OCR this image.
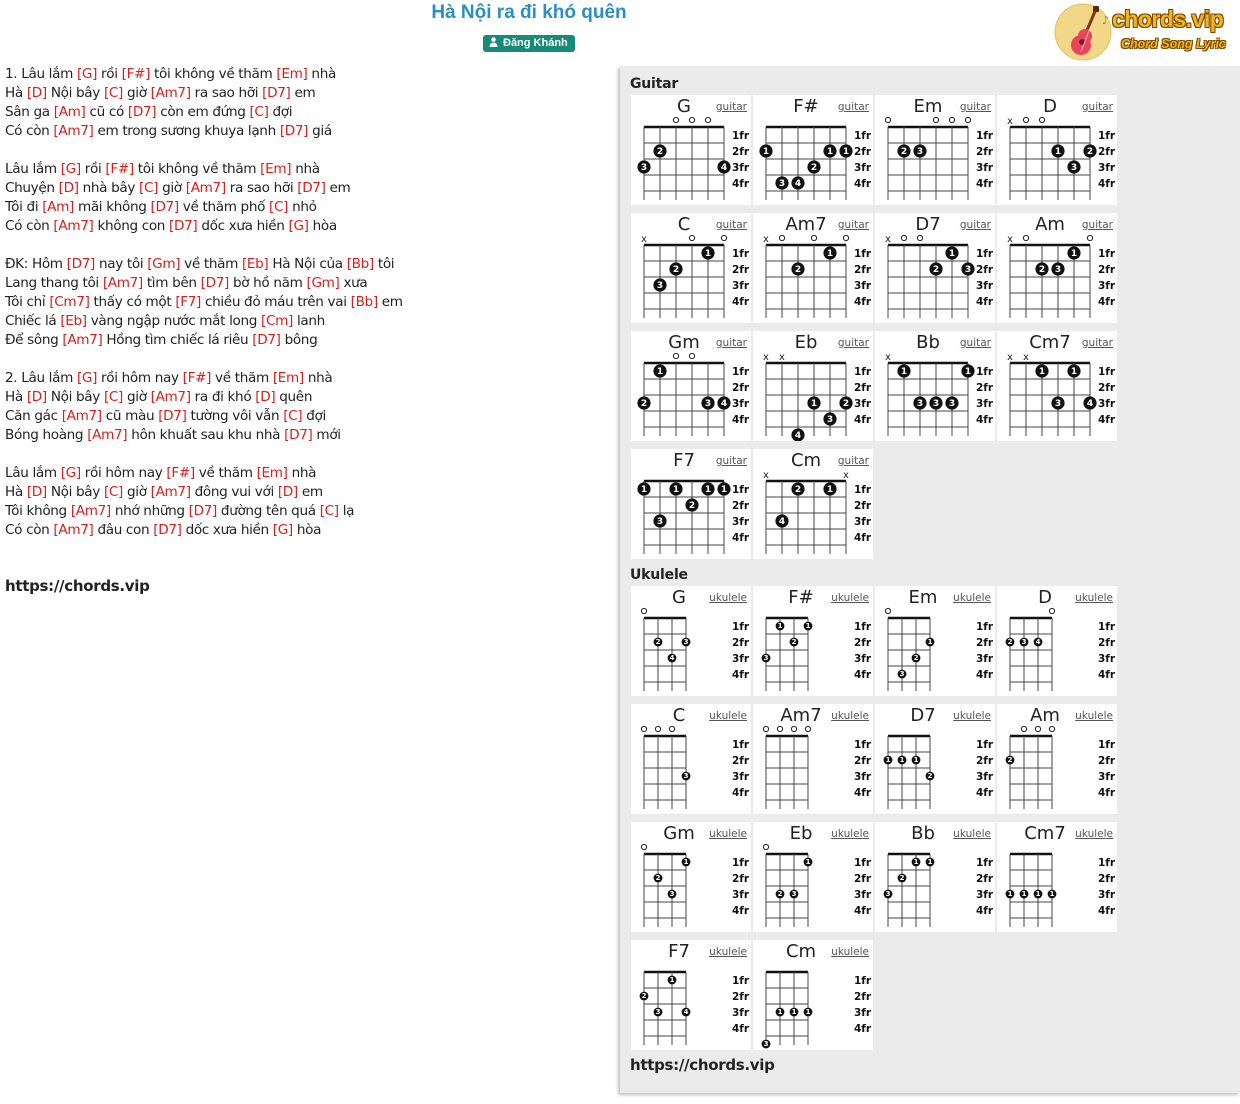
Hà Nội ra đi khó quên
Đăng Khánh
♪ chords.vip
Chord Song Lyric
1. Lâu lắm [G] rồi [F#] tôi không về thăm [Em] nhà
Hà [D] Nội bây [C] giờ [Am7] ra sao hỡi [D7] em
Sân ga [Am] cũ có [D7] còn em đứng [C] đợi
Có còn [Am7] em trong sương khuya lạnh [D7] giá
Lâu lắm [G] rồi [F#] tôi không về thăm [Em] nhà
Chuyện [D] nhà bây [C] giờ [Am7] ra sao hỡi [D7] em
Tôi đi [Am] mãi không [D7] về thăm phố [C] nhỏ
Có còn [Am7] không con [D7] dốc xưa hiền [G] hòa
ĐK: Hôm [D7] nay tôi [Gm] về thăm [Eb] Hà Nội của [Bb] tôi
Lang thang tôi [Am7] tìm bên [D7] bờ hồ năm [Gm] xưa
Tôi chỉ [Cm7] thấy có một [F7] chiều đỏ máu trên vai [Bb] em
Chiếc lá [Eb] vàng ngập nước mắt long [Cm] lanh
Để sông [Am7] Hồng tìm chiếc lá riêu [D7] bông
2. Lâu lắm [G] rồi hôm nay [F#] về thăm [Em] nhà
Hà [D] Nội bây [C] giờ [Am7] ra đi khó [D] quên
Căn gác [Am7] cũ màu [D7] tường vôi vẫn [C] đợi
Bóng hoàng [Am7] hôn khuất sau khu nhà [D7] mới
Lâu lắm [G] rồi hôm nay [F#] về thăm [Em] nhà
Hà [D] Nội bây [C] giờ [Am7] đông vui với [D] em
Tôi không [Am7] nhớ những [D7] đường tên quá [C] lạ
Có còn [Am7] đâu con [D7] dốc xưa hiền [G] hòa
https://chords.vip
Guitar
G	guitar
1fr
2fr
3fr
4fr
3
2
4
F#	guitar
1fr
2fr
3fr
4fr
1
3 4
2
1 1
Em	guitar
1fr
2fr
3fr
4fr
2 3
D	guitar
1fr
2fr
3fr
4fr
x
1
3
2
C	guitar
1fr
2fr
3fr
4fr
x
3
2
1
Am7	guitar
1fr
2fr
3fr
4fr
x
2
1
D7	guitar
1fr
2fr
3fr
4fr
x
2
1
3
Am	guitar
1fr
2fr
3fr
4fr
x
2 3
1
Gm	guitar
1fr
2fr
3fr
4fr
2
1
3 4
Eb	guitar
1fr
2fr
3fr
4fr
x x
4
1
3
2
Bb	guitar
1fr
2fr
3fr
4fr
x
1
3 3 3
1
Cm7	guitar
1fr
2fr
3fr
4fr
x x
1
3
1
4
F7	guitar
1fr
2fr
3fr
4fr
1
3
1
2
1 1
Cm	guitar
1fr
2fr
3fr
4fr
x	x
4
2	1
Ukulele
G	ukulele
1fr
2fr
3fr
4fr
2
4
3
F#	ukulele
1fr
2fr
3fr
4fr
3
1
2
1
Em	ukulele
1fr
2fr
3fr
4fr
3
2
1
D	ukulele
1fr
2fr
3fr
4fr
2 3 4
C	ukulele
1fr
2fr
3fr
4fr
3
Am7 ukulele
1fr
2fr
3fr
4fr
D7	ukulele
1fr
2fr
3fr
4fr
1 1 1
2
Am	ukulele
1fr
2fr
3fr
4fr
2
Gm	ukulele
1fr
2fr
3fr
4fr
2
3
1
Eb	ukulele
1fr
2fr
3fr
4fr
2 3
1
Bb	ukulele
1fr
2fr
3fr
4fr
3
2
1 1
Cm7 ukulele
1fr
2fr
3fr
4fr
1 1 1 1
F7	ukulele
1fr
2fr
3fr
4fr
2
3
1
4
Cm	ukulele
1fr
2fr
3fr
4fr
3
1 1 1
https://chords.vip
